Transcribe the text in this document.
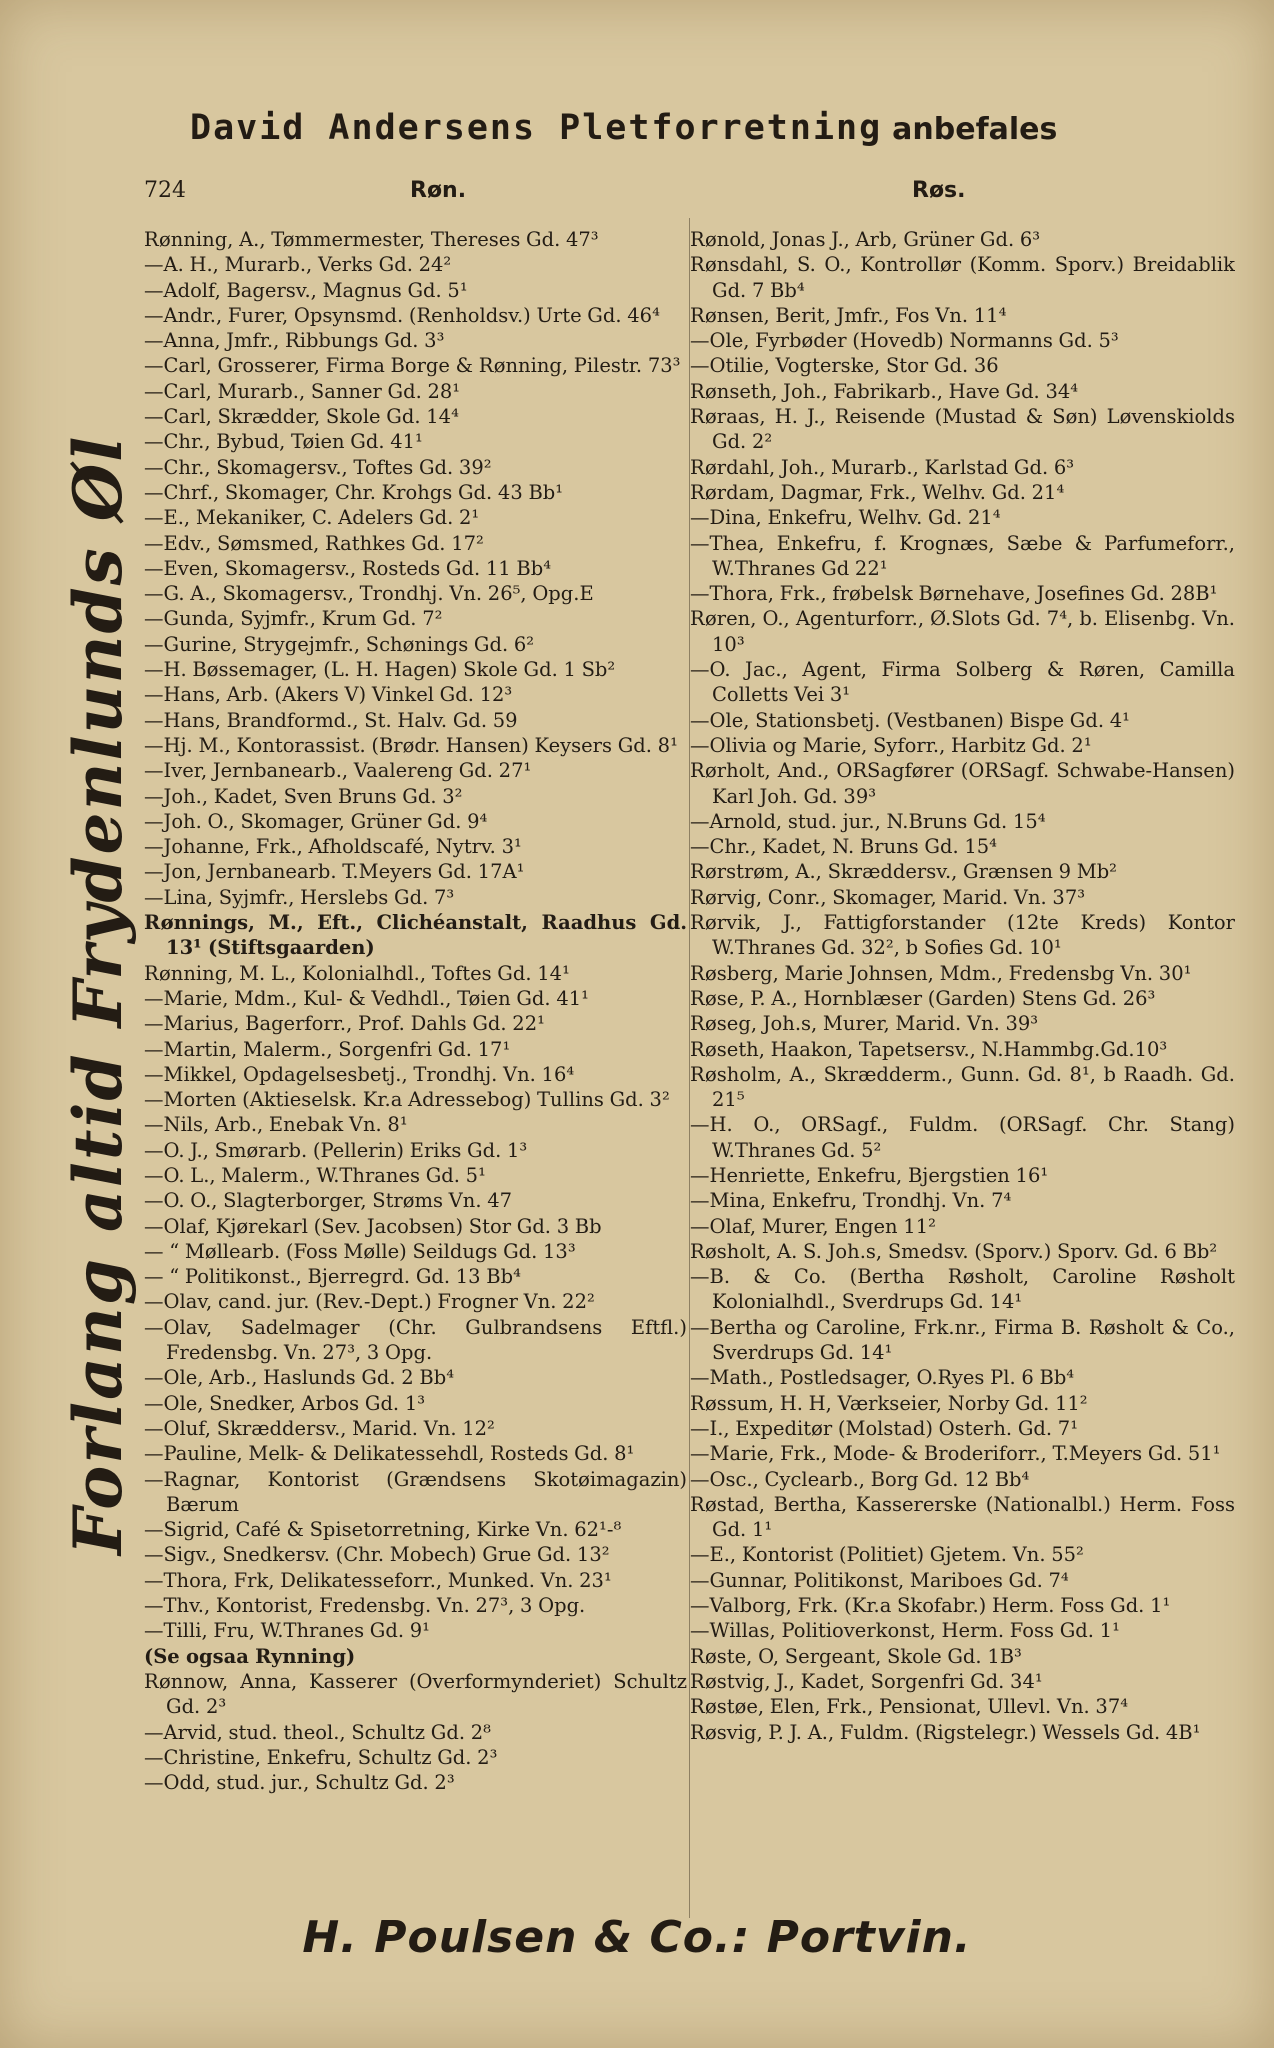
David Andersens Pletforretning anbefales
724	Røn.	Røs.
Forlang altid Frydenlunds Øl
Rønning, A., Tømmermester, Thereses Gd. 47³
—A. H., Murarb., Verks Gd. 24²
—Adolf, Bagersv., Magnus Gd. 5¹
—Andr., Furer, Opsynsmd. (Renholdsv.) Urte Gd. 46⁴
—Anna, Jmfr., Ribbungs Gd. 3³
—Carl, Grosserer, Firma Borge & Rønning, Pilestr. 73³
—Carl, Murarb., Sanner Gd. 28¹
—Carl, Skrædder, Skole Gd. 14⁴
—Chr., Bybud, Tøien Gd. 41¹
—Chr., Skomagersv., Toftes Gd. 39²
—Chrf., Skomager, Chr. Krohgs Gd. 43 Bb¹
—E., Mekaniker, C. Adelers Gd. 2¹
—Edv., Sømsmed, Rathkes Gd. 17²
—Even, Skomagersv., Rosteds Gd. 11 Bb⁴
—G. A., Skomagersv., Trondhj. Vn. 26⁵, Opg.E
—Gunda, Syjmfr., Krum Gd. 7²
—Gurine, Strygejmfr., Schønings Gd. 6²
—H. Bøssemager, (L. H. Hagen) Skole Gd. 1 Sb²
—Hans, Arb. (Akers V) Vinkel Gd. 12³
—Hans, Brandformd., St. Halv. Gd. 59
—Hj. M., Kontorassist. (Brødr. Hansen) Keysers Gd. 8¹
—Iver, Jernbanearb., Vaalereng Gd. 27¹
—Joh., Kadet, Sven Bruns Gd. 3²
—Joh. O., Skomager, Grüner Gd. 9⁴
—Johanne, Frk., Afholdscafé, Nytrv. 3¹
—Jon, Jernbanearb. T.Meyers Gd. 17A¹
—Lina, Syjmfr., Herslebs Gd. 7³
Rønnings, M., Eft., Clichéanstalt, Raadhus Gd. 13¹ (Stiftsgaarden)
Rønning, M. L., Kolonialhdl., Toftes Gd. 14¹
—Marie, Mdm., Kul- & Vedhdl., Tøien Gd. 41¹
—Marius, Bagerforr., Prof. Dahls Gd. 22¹
—Martin, Malerm., Sorgenfri Gd. 17¹
—Mikkel, Opdagelsesbetj., Trondhj. Vn. 16⁴
—Morten (Aktieselsk. Kr.a Adressebog) Tullins Gd. 3²
—Nils, Arb., Enebak Vn. 8¹
—O. J., Smørarb. (Pellerin) Eriks Gd. 1³
—O. L., Malerm., W.Thranes Gd. 5¹
—O. O., Slagterborger, Strøms Vn. 47
—Olaf, Kjørekarl (Sev. Jacobsen) Stor Gd. 3 Bb
— “ Møllearb. (Foss Mølle) Seildugs Gd. 13³
— “ Politikonst., Bjerregrd. Gd. 13 Bb⁴
—Olav, cand. jur. (Rev.-Dept.) Frogner Vn. 22²
—Olav, Sadelmager (Chr. Gulbrandsens Eftfl.) Fredensbg. Vn. 27³, 3 Opg.
—Ole, Arb., Haslunds Gd. 2 Bb⁴
—Ole, Snedker, Arbos Gd. 1³
—Oluf, Skræddersv., Marid. Vn. 12²
—Pauline, Melk- & Delikatessehdl, Rosteds Gd. 8¹
—Ragnar, Kontorist (Grændsens Skotøimagazin) Bærum
—Sigrid, Café & Spisetorretning, Kirke Vn. 62¹-⁸
—Sigv., Snedkersv. (Chr. Mobech) Grue Gd. 13²
—Thora, Frk, Delikatesseforr., Munked. Vn. 23¹
—Thv., Kontorist, Fredensbg. Vn. 27³, 3 Opg.
—Tilli, Fru, W.Thranes Gd. 9¹
(Se ogsaa Rynning)
Rønnow, Anna, Kasserer (Overformynderiet) Schultz Gd. 2³
—Arvid, stud. theol., Schultz Gd. 2⁸
—Christine, Enkefru, Schultz Gd. 2³
—Odd, stud. jur., Schultz Gd. 2³
Rønold, Jonas J., Arb, Grüner Gd. 6³
Rønsdahl, S. O., Kontrollør (Komm. Sporv.) Breidablik Gd. 7 Bb⁴
Rønsen, Berit, Jmfr., Fos Vn. 11⁴
—Ole, Fyrbøder (Hovedb) Normanns Gd. 5³
—Otilie, Vogterske, Stor Gd. 36
Rønseth, Joh., Fabrikarb., Have Gd. 34⁴
Røraas, H. J., Reisende (Mustad & Søn) Løvenskiolds Gd. 2²
Rørdahl, Joh., Murarb., Karlstad Gd. 6³
Rørdam, Dagmar, Frk., Welhv. Gd. 21⁴
—Dina, Enkefru, Welhv. Gd. 21⁴
—Thea, Enkefru, f. Krognæs, Sæbe & Parfumeforr., W.Thranes Gd 22¹
—Thora, Frk., frøbelsk Børnehave, Josefines Gd. 28B¹
Røren, O., Agenturforr., Ø.Slots Gd. 7⁴, b. Elisenbg. Vn. 10³
—O. Jac., Agent, Firma Solberg & Røren, Camilla Colletts Vei 3¹
—Ole, Stationsbetj. (Vestbanen) Bispe Gd. 4¹
—Olivia og Marie, Syforr., Harbitz Gd. 2¹
Rørholt, And., ORSagfører (ORSagf. Schwabe-Hansen) Karl Joh. Gd. 39³
—Arnold, stud. jur., N.Bruns Gd. 15⁴
—Chr., Kadet, N. Bruns Gd. 15⁴
Rørstrøm, A., Skræddersv., Grænsen 9 Mb²
Rørvig, Conr., Skomager, Marid. Vn. 37³
Rørvik, J., Fattigforstander (12te Kreds) Kontor W.Thranes Gd. 32², b Sofies Gd. 10¹
Røsberg, Marie Johnsen, Mdm., Fredensbg Vn. 30¹
Røse, P. A., Hornblæser (Garden) Stens Gd. 26³
Røseg, Joh.s, Murer, Marid. Vn. 39³
Røseth, Haakon, Tapetsersv., N.Hammbg.Gd.10³
Røsholm, A., Skrædderm., Gunn. Gd. 8¹, b Raadh. Gd. 21⁵
—H. O., ORSagf., Fuldm. (ORSagf. Chr. Stang) W.Thranes Gd. 5²
—Henriette, Enkefru, Bjergstien 16¹
—Mina, Enkefru, Trondhj. Vn. 7⁴
—Olaf, Murer, Engen 11²
Røsholt, A. S. Joh.s, Smedsv. (Sporv.) Sporv. Gd. 6 Bb²
—B. & Co. (Bertha Røsholt, Caroline Røsholt Kolonialhdl., Sverdrups Gd. 14¹
—Bertha og Caroline, Frk.nr., Firma B. Røsholt & Co., Sverdrups Gd. 14¹
—Math., Postledsager, O.Ryes Pl. 6 Bb⁴
Røssum, H. H, Værkseier, Norby Gd. 11²
—I., Expeditør (Molstad) Osterh. Gd. 7¹
—Marie, Frk., Mode- & Broderiforr., T.Meyers Gd. 51¹
—Osc., Cyclearb., Borg Gd. 12 Bb⁴
Røstad, Bertha, Kassererske (Nationalbl.) Herm. Foss Gd. 1¹
—E., Kontorist (Politiet) Gjetem. Vn. 55²
—Gunnar, Politikonst, Mariboes Gd. 7⁴
—Valborg, Frk. (Kr.a Skofabr.) Herm. Foss Gd. 1¹
—Willas, Politioverkonst, Herm. Foss Gd. 1¹
Røste, O, Sergeant, Skole Gd. 1B³
Røstvig, J., Kadet, Sorgenfri Gd. 34¹
Røstøe, Elen, Frk., Pensionat, Ullevl. Vn. 37⁴
Røsvig, P. J. A., Fuldm. (Rigstelegr.) Wessels Gd. 4B¹
H. Poulsen & Co.: Portvin.
